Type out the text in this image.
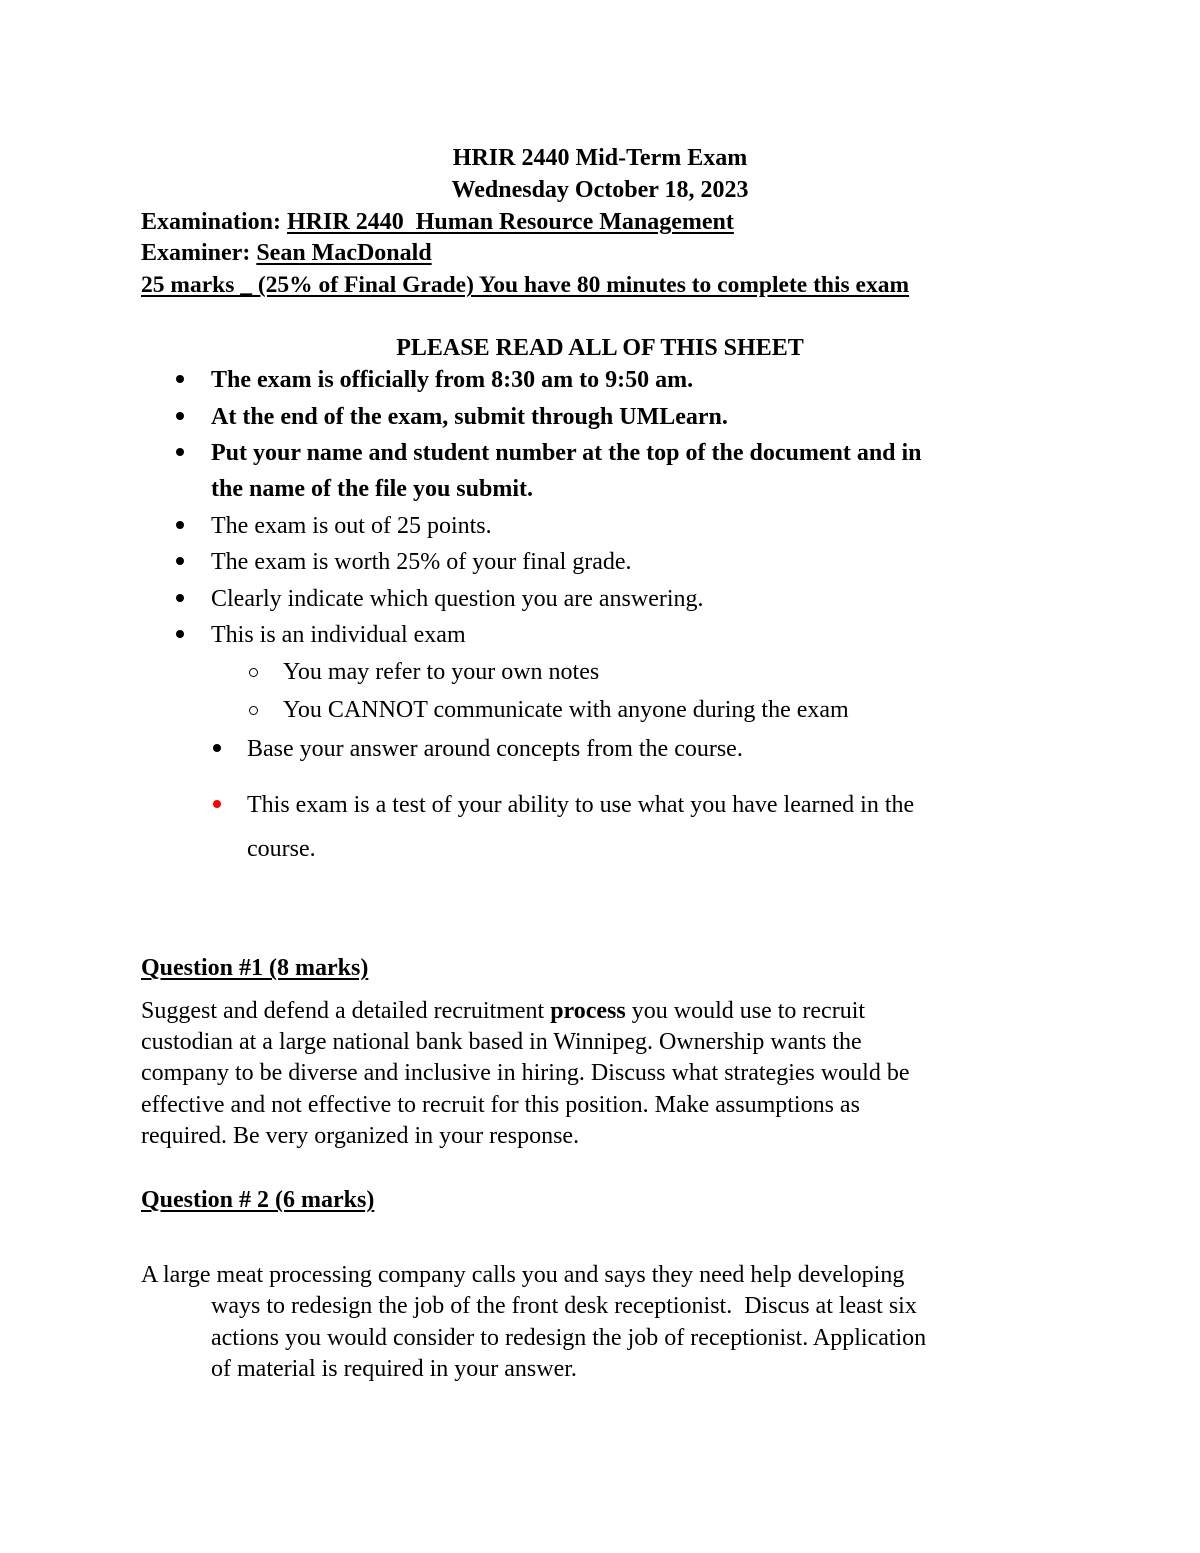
HRIR 2440 Mid-Term Exam
Wednesday October 18, 2023
Examination: HRIR 2440  Human Resource Management
Examiner: Sean MacDonald
25 marks _ (25% of Final Grade) You have 80 minutes to complete this exam
PLEASE READ ALL OF THIS SHEET
The exam is officially from 8:30 am to 9:50 am.
At the end of the exam, submit through UMLearn.
Put your name and student number at the top of the document and in
the name of the file you submit.
The exam is out of 25 points.
The exam is worth 25% of your final grade.
Clearly indicate which question you are answering.
This is an individual exam
You may refer to your own notes
You CANNOT communicate with anyone during the exam
Base your answer around concepts from the course.
This exam is a test of your ability to use what you have learned in the
course.
Question #1 (8 marks)
Suggest and defend a detailed recruitment process you would use to recruit
custodian at a large national bank based in Winnipeg. Ownership wants the
company to be diverse and inclusive in hiring. Discuss what strategies would be
effective and not effective to recruit for this position. Make assumptions as
required. Be very organized in your response.
Question # 2 (6 marks)
A large meat processing company calls you and says they need help developing
ways to redesign the job of the front desk receptionist.  Discus at least six
actions you would consider to redesign the job of receptionist. Application
of material is required in your answer.
